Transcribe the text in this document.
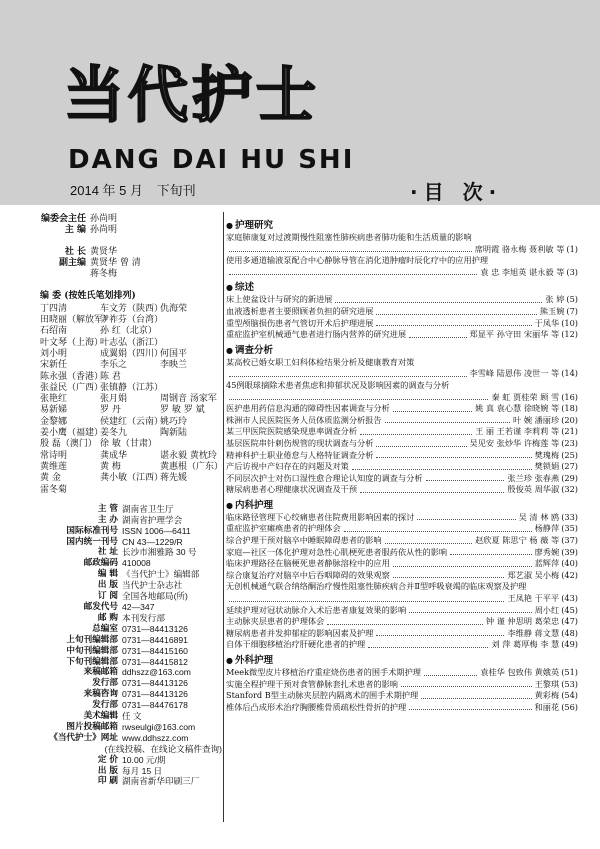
当代护士
DANG DAI HU SHI
2014 年 5 月 下旬刊
·	目 次 ·
编委会主任 孙尚明
主 编 孙尚明
社 长 黄贤华
副主编 黄贤华 曾 清
蒋冬梅
编 委 (按姓氏笔划排列)
丁四清	车文芳（陕西）
仇海荣
田晓丽（解放军）
尹祚芬（台湾）
石绍南	孙 红（北京）
叶文琴（上海）
叶志弘（浙江）
刘小明	成翼娟（四川）
何国平
宋新任	李乐之	李映兰
陈永强（香港）
陈 君
张益民（广西）
张镇静（江苏）
张艳红	张月娟	周钢音 汤家军
易新娣	罗 丹	罗 敏 罗 斌
金黎娜	侯建红（云南）
姚巧玲
姜小鹰（福建）
姜冬九	陶新陆
殷 磊（澳门） 徐 敏（甘肃）
常诗明	龚成华	谌永毅 黄枕玲
黄维莲	黄 梅	黄惠根（广东）
黄 金	龚小敏（江西）
蒋先媛
雷冬菊
主 管 湖南省卫生厅
主 办 湖南省护理学会
国际标准刊号 ISSN 1006—6411
国内统一刊号 CN 43—1229/R
社 址 长沙市湘雅路 30 号
邮政编码 410008
编 辑 《当代护士》编辑部
出 版 当代护士杂志社
订 阅 全国各地邮局(所)
邮发代号 42—347
邮 购 本刊发行部
总编室 0731—84413126
上旬刊编辑部 0731—84416891
中旬刊编辑部 0731—84415160
下旬刊编辑部 0731—84415812
来稿邮箱 ddhszz@163.com
发行部 0731—84413126
来稿咨询 0731—84413126
发行部 0731—84476178
美术编辑 任 文
图片投稿邮箱 rwseulgi@163.com
《当代护士》网址 www.ddhszz.com
(在线投稿、在线论文稿件查询)
定 价 10.00 元/期
出 版 每月 15 日
印 刷 湖南省新华印刷三厂
● 护理研究
家庭肺康复对过渡期慢性阻塞性肺疾病患者肺功能和生活质量的影响
席明霞 骆永梅 聂利敏 等 (1)
使用多通道输液泵配合中心静脉导管在消化道肿瘤时辰化疗中的应用护理
袁 忠 李旭英 谌永毅 等 (3)
● 综述
床上使盆设计与研究的新进展	张 婷 (5)
血液透析患者主要照顾者负担的研究进展	熊玉婉 (7)
重型颅脑损伤患者气管切开术后护理进展	于凤华 (10)
重症监护室机械通气患者进行肠内营养的研究进展	郑显平 孙守田 宋丽华 等 (12)
● 调查分析
某高校已婚女职工妇科体检结果分析及健康教育对策
李雪峰 陆恩伟 凌世一 等 (14)
45例眼球摘除术患者焦虑和抑郁状况及影响因素的调查与分析
秦 虹 贾桂荣 顾 雪 (16)
医护患用药信息沟通的障碍性因素调查与分析	姚 真 袁心慧 徐晓婉 等 (18)
株洲市人民医院医务人员体质监测分析报告	叶 婉 潘丽珍 (20)
某三甲医院医院感染现患率调查分析	王 丽 王若谨 李莉莉 等 (21)
基层医院串针刺伤规管的现状调查与分析	吴见安 张炒华 许梅莲 等 (23)
精神科护士职业倦怠与人格特征调查分析	樊瑰梅 (25)
产后访视中产妇存在的问题及对策	樊锁娟 (27)
不同层次护士对伤口湿性愈合理论认知度的调查与分析	张兰珍 张春燕 (29)
糖尿病患者心理健康状况调查及干预	殷俊英 周华淑 (32)
● 内科护理
临床路径管理下心绞痛患者住院费用影响因素的探讨	吴 清 林 鸥 (33)
重症监护室瘫痪患者的护理体会	杨静萍 (35)
综合护理干预对脑卒中睡眠障碍患者的影响	赵欣夏 陈思宁 杨 薇 等 (37)
家庭—社区一体化护理对急性心肌梗死患者服药依从性的影响	廖秀婉 (39)
临床护理路径在脑梗死患者静脉溶栓中的应用	蓝辉萍 (40)
综合康复治疗对脑卒中后吞咽障碍的效果观察	郑艺淑 吴小梅 (42)
无创机械通气联合纳络酮治疗慢性阻塞性肺疾病合并Ⅱ型呼吸衰竭的临床观察及护理
王凤艳 于平平 (43)
延续护理对冠状动脉介入术后患者康复效果的影响	周小红 (45)
主动脉夹层患者的护理体会	钟 谨 仲思明 葛荣忠 (47)
糖尿病患者并发抑郁症的影响因素及护理	李维静 蒋文慧 (48)
自体干细胞移植治疗肝硬化患者的护理	刘 萍 葛厚梅 李 慧 (49)
● 外科护理
Meek微型皮片移植治疗重症烧伤患者的围手术期护理	袁桂华 包致伟 黄娥英 (51)
实施全程护理干预对食管静脉套扎术患者的影响	王黎琪 (53)
Stanford B型主动脉夹层腔内隔离术的围手术期护理	黄彩梅 (54)
椎体后凸成形术治疗胸腰椎骨质疏松性骨折的护理	和丽花 (56)
